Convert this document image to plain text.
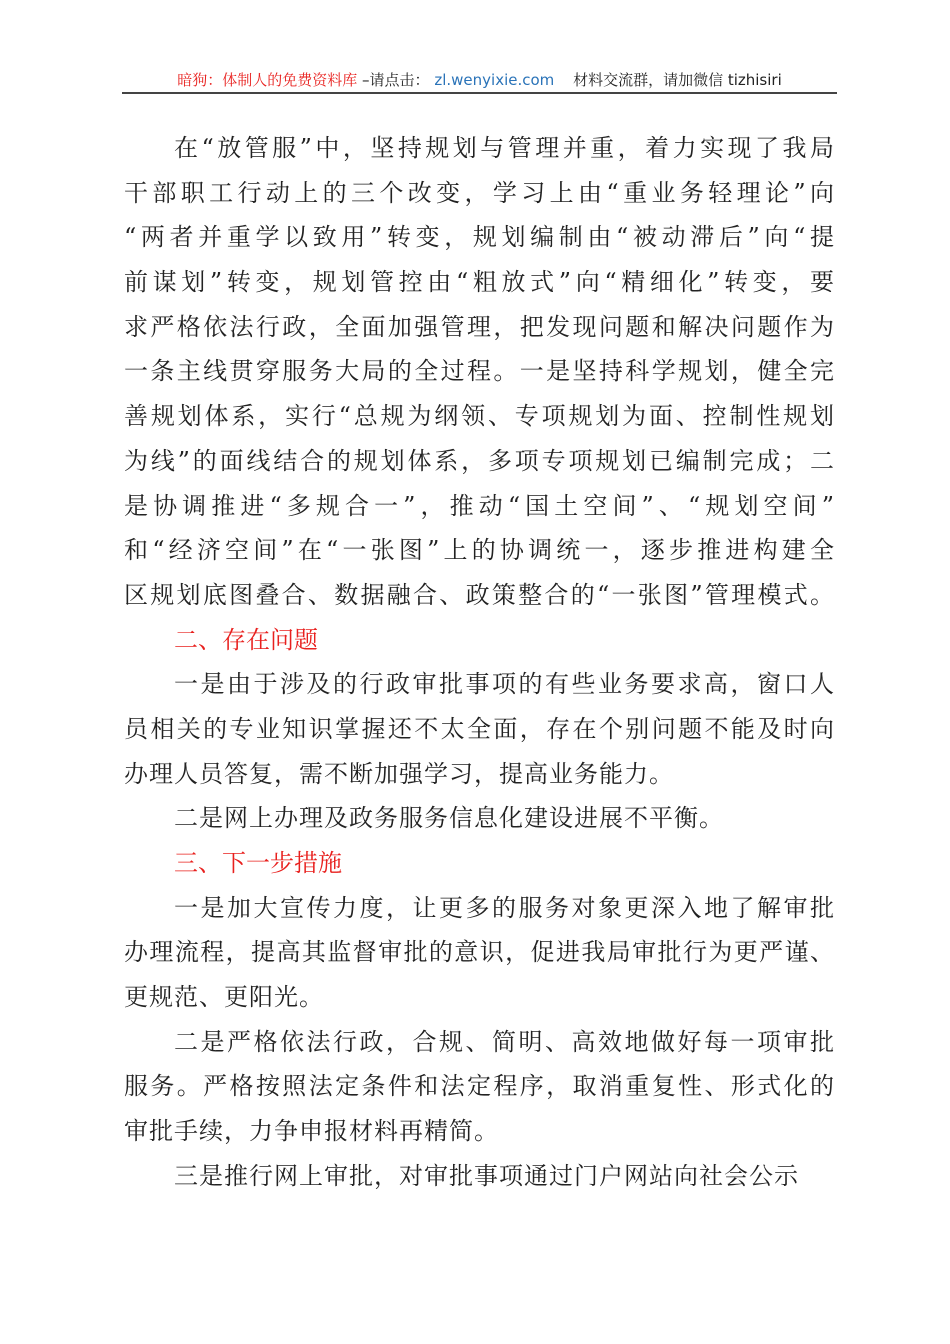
暗狗：体制人的免费资料库 –请点击： zl.wenyixie.com 材料交流群，请加微信 tizhisiri
在“放管服”中，坚持规划与管理并重，着力实现了我局
干部职工行动上的三个改变，学习上由“重业务轻理论”向
“两者并重学以致用”转变，规划编制由“被动滞后”向“提
前谋划”转变，规划管控由“粗放式”向“精细化”转变，要
求严格依法行政，全面加强管理，把发现问题和解决问题作为
一条主线贯穿服务大局的全过程。一是坚持科学规划，健全完
善规划体系，实行“总规为纲领、专项规划为面、控制性规划
为线”的面线结合的规划体系，多项专项规划已编制完成；二
是协调推进“多规合一”，推动“国土空间”、“规划空间”
和“经济空间”在“一张图”上的协调统一，逐步推进构建全
区规划底图叠合、数据融合、政策整合的“一张图”管理模式。
二、存在问题
一是由于涉及的行政审批事项的有些业务要求高，窗口人
员相关的专业知识掌握还不太全面，存在个别问题不能及时向
办理人员答复，需不断加强学习，提高业务能力。
二是网上办理及政务服务信息化建设进展不平衡。
三、下一步措施
一是加大宣传力度，让更多的服务对象更深入地了解审批
办理流程，提高其监督审批的意识，促进我局审批行为更严谨、
更规范、更阳光。
二是严格依法行政，合规、简明、高效地做好每一项审批
服务。严格按照法定条件和法定程序，取消重复性、形式化的
审批手续，力争申报材料再精简。
三是推行网上审批，对审批事项通过门户网站向社会公示
